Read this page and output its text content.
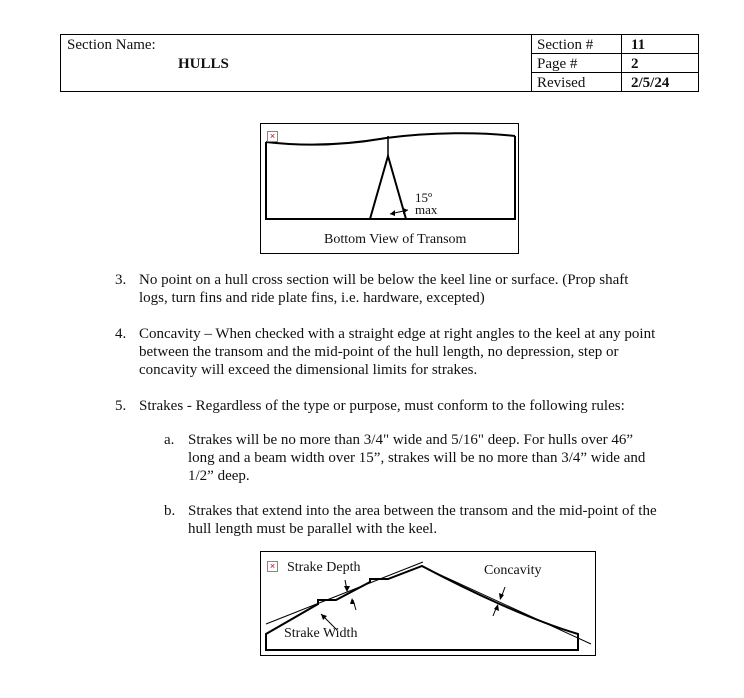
Section Name:
HULLS
Section #	11
Page #	2
Revised	2/5/24
×
15º
max
Bottom View of Transom
3. No point on a hull cross section will be below the keel line or surface. (Prop shaft
logs, turn fins and ride plate fins, i.e. hardware, excepted)
4. Concavity – When checked with a straight edge at right angles to the keel at any point
between the transom and the mid-point of the hull length, no depression, step or
concavity will exceed the dimensional limits for strakes.
5. Strakes - Regardless of the type or purpose, must conform to the following rules:
a. Strakes will be no more than 3/4" wide and 5/16" deep. For hulls over 46”
long and a beam width over 15”, strakes will be no more than 3/4” wide and
1/2” deep.
b. Strakes that extend into the area between the transom and the mid-point of the
hull length must be parallel with the keel.
× Strake Depth	Concavity
Strake Width
